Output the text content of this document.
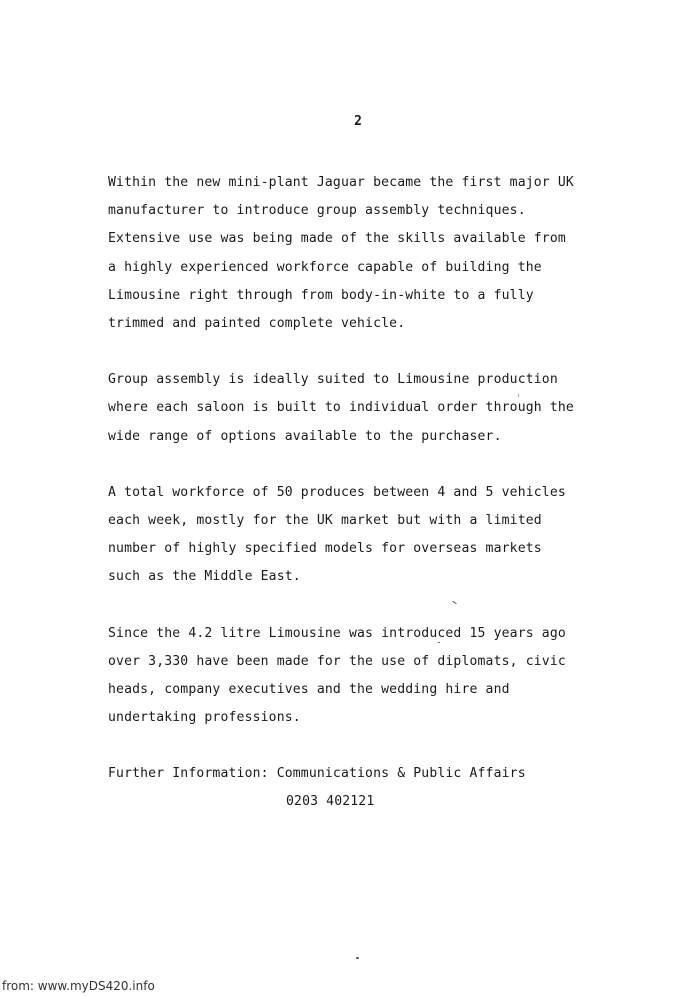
2

Within the new mini-plant Jaguar became the first major UK
manufacturer to introduce group assembly techniques.
Extensive use was being made of the skills available from
a highly experienced workforce capable of building the
Limousine right through from body-in-white to a fully
trimmed and painted complete vehicle.

Group assembly is ideally suited to Limousine production
where each saloon is built to individual order through the
wide range of options available to the purchaser.

A total workforce of 50 produces between 4 and 5 vehicles
each week, mostly for the UK market but with a limited
number of highly specified models for overseas markets
such as the Middle East.

Since the 4.2 litre Limousine was introduced 15 years ago
over 3,330 have been made for the use of diplomats, civic
heads, company executives and the wedding hire and
undertaking professions.

Further Information: Communications & Public Affairs
0203 402121
from: www.myDS420.info
